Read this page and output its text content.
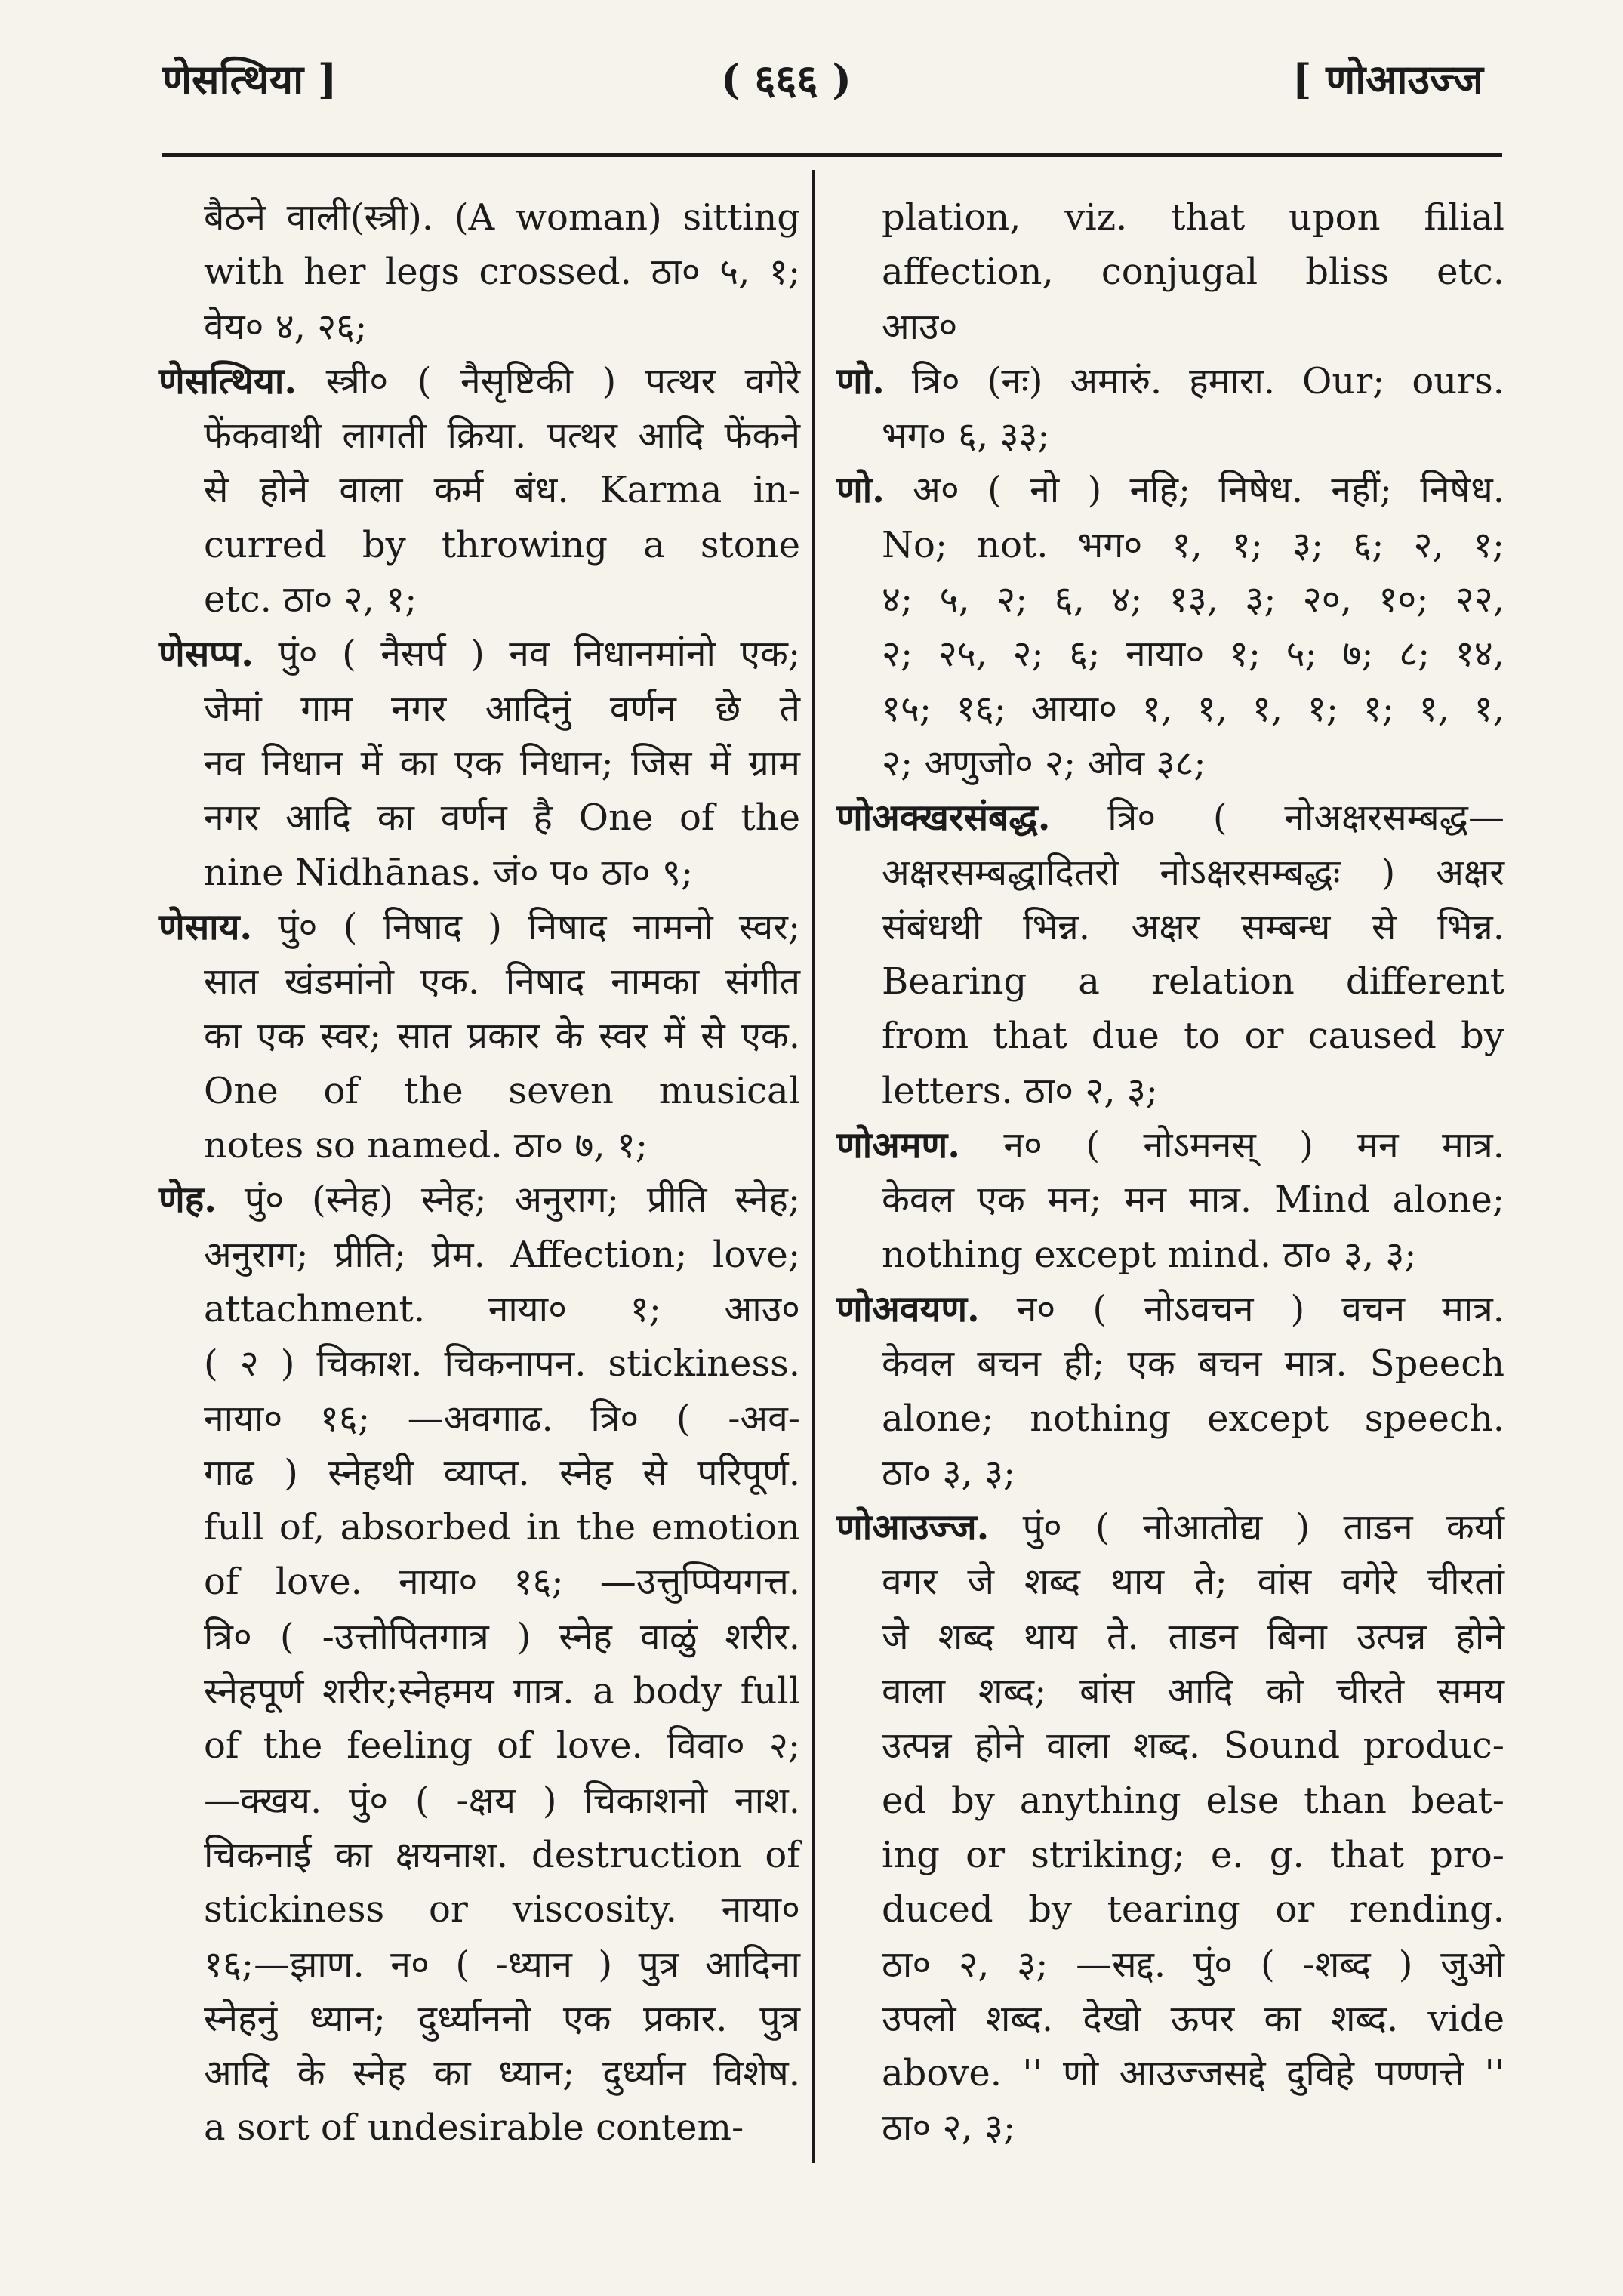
णेसत्थिया ]	( ६६६ )	[ णोआउज्ज
बैठने वाली(स्त्री). (A woman) sitting
with her legs crossed. ठा० ५, १;
वेय० ४, २६;
णेसत्थिया. स्त्री० ( नैसृष्टिकी ) पत्थर वगेरे
फेंकवाथी लागती क्रिया. पत्थर आदि फेंकने
से होने वाला कर्म बंध. Karma in-
curred by throwing a stone
etc. ठा० २, १;
णेसप्प. पुं० ( नैसर्प ) नव निधानमांनो एक;
जेमां गाम नगर आदिनुं वर्णन छे ते
नव निधान में का एक निधान; जिस में ग्राम
नगर आदि का वर्णन है One of the
nine Nidhānas. जं० प० ठा० ९;
णेसाय. पुं० ( निषाद ) निषाद नामनो स्वर;
सात खंडमांनो एक. निषाद नामका संगीत
का एक स्वर; सात प्रकार के स्वर में से एक.
One of the seven musical
notes so named. ठा० ७, १;
णेह. पुं० (स्नेह) स्नेह; अनुराग; प्रीति स्नेह;
अनुराग; प्रीति; प्रेम. Affection; love;
attachment. नाया० १; आउ०
( २ ) चिकाश. चिकनापन. stickiness.
नाया० १६; —अवगाढ. त्रि० ( -अव-
गाढ ) स्नेहथी व्याप्त. स्नेह से परिपूर्ण.
full of, absorbed in the emotion
of love. नाया० १६; —उत्तुप्पियगत्त.
त्रि० ( -उत्तोपितगात्र ) स्नेह वाळुं शरीर.
स्नेहपूर्ण शरीर;स्नेहमय गात्र. a body full
of the feeling of love. विवा० २;
—क्खय. पुं० ( -क्षय ) चिकाशनो नाश.
चिकनाई का क्षयनाश. destruction of
stickiness or viscosity. नाया०
१६;—झाण. न० ( -ध्यान ) पुत्र आदिना
स्नेहनुं ध्यान; दुर्ध्याननो एक प्रकार. पुत्र
आदि के स्नेह का ध्यान; दुर्ध्यान विशेष.
a sort of undesirable contem-
plation, viz. that upon filial
affection, conjugal bliss etc.
आउ०
णो. त्रि० (नः) अमारुं. हमारा. Our; ours.
भग० ६, ३३;
णो. अ० ( नो ) नहि; निषेध. नहीं; निषेध.
No; not. भग० १, १; ३; ६; २, १;
४; ५, २; ६, ४; १३, ३; २०, १०; २२,
२; २५, २; ६; नाया० १; ५; ७; ८; १४,
१५; १६; आया० १, १, १, १; १; १, १,
२; अणुजो० २; ओव ३८;
णोअक्खरसंबद्ध. त्रि० ( नोअक्षरसम्बद्ध—
अक्षरसम्बद्धादितरो नोऽक्षरसम्बद्धः ) अक्षर
संबंधथी भिन्न. अक्षर सम्बन्ध से भिन्न.
Bearing a relation different
from that due to or caused by
letters. ठा० २, ३;
णोअमण. न० ( नोऽमनस् ) मन मात्र.
केवल एक मन; मन मात्र. Mind alone;
nothing except mind. ठा० ३, ३;
णोअवयण. न० ( नोऽवचन ) वचन मात्र.
केवल बचन ही; एक बचन मात्र. Speech
alone; nothing except speech.
ठा० ३, ३;
णोआउज्ज. पुं० ( नोआतोद्य ) ताडन कर्या
वगर जे शब्द थाय ते; वांस वगेरे चीरतां
जे शब्द थाय ते. ताडन बिना उत्पन्न होने
वाला शब्द; बांस आदि को चीरते समय
उत्पन्न होने वाला शब्द. Sound produc-
ed by anything else than beat-
ing or striking; e. g. that pro-
duced by tearing or rending.
ठा० २, ३; —सद्द. पुं० ( -शब्द ) जुओ
उपलो शब्द. देखो ऊपर का शब्द. vide
above. '' णो आउज्जसद्दे दुविहे पण्णत्ते ''
ठा० २, ३;
